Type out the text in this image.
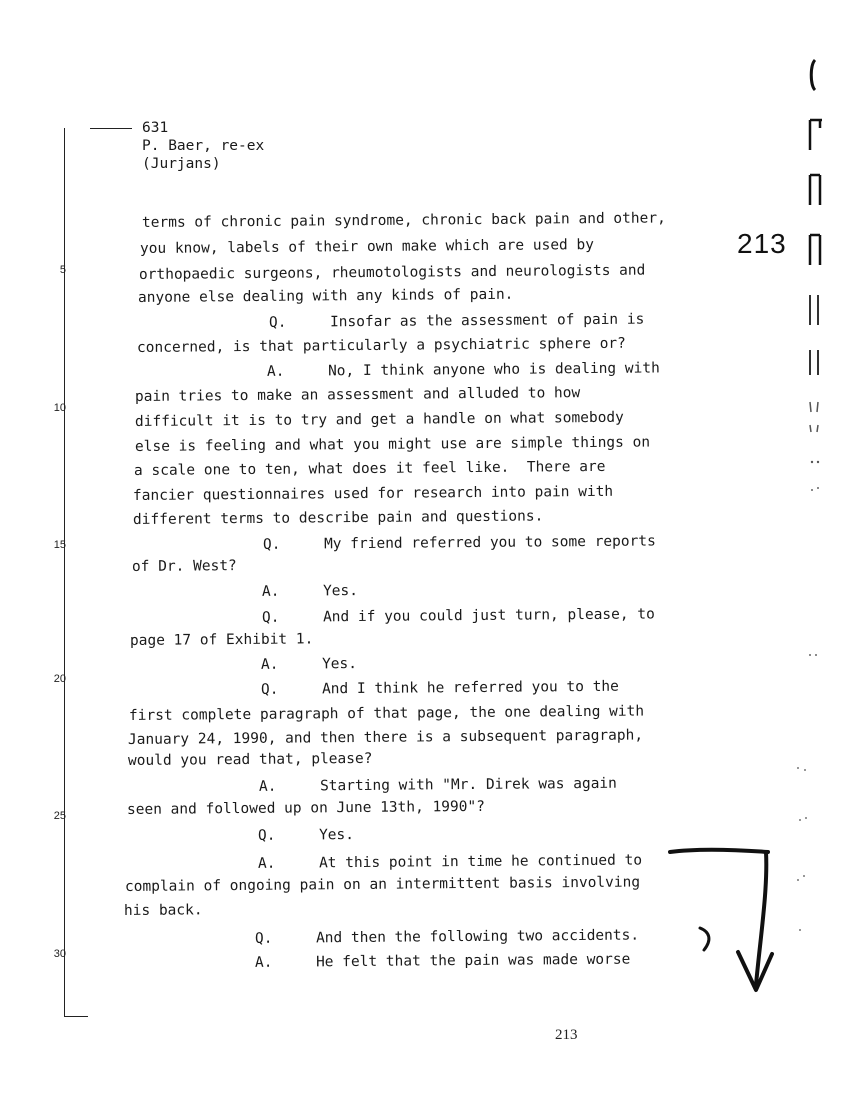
631
P. Baer, re-ex
(Jurjans)
5
10
15
20
25
30
terms of chronic pain syndrome, chronic back pain and other,
you know, labels of their own make which are used by
orthopaedic surgeons, rheumotologists and neurologists and
anyone else dealing with any kinds of pain.
Q.     Insofar as the assessment of pain is
concerned, is that particularly a psychiatric sphere or?
A.     No, I think anyone who is dealing with
pain tries to make an assessment and alluded to how
difficult it is to try and get a handle on what somebody
else is feeling and what you might use are simple things on
a scale one to ten, what does it feel like.  There are
fancier questionnaires used for research into pain with
different terms to describe pain and questions.
Q.     My friend referred you to some reports
of Dr. West?
A.     Yes.
Q.     And if you could just turn, please, to
page 17 of Exhibit 1.
A.     Yes.
Q.     And I think he referred you to the
first complete paragraph of that page, the one dealing with
January 24, 1990, and then there is a subsequent paragraph,
would you read that, please?
A.     Starting with "Mr. Direk was again
seen and followed up on June 13th, 1990"?
Q.     Yes.
A.     At this point in time he continued to
complain of ongoing pain on an intermittent basis involving
his back.
Q.     And then the following two accidents.
A.     He felt that the pain was made worse
213
213
